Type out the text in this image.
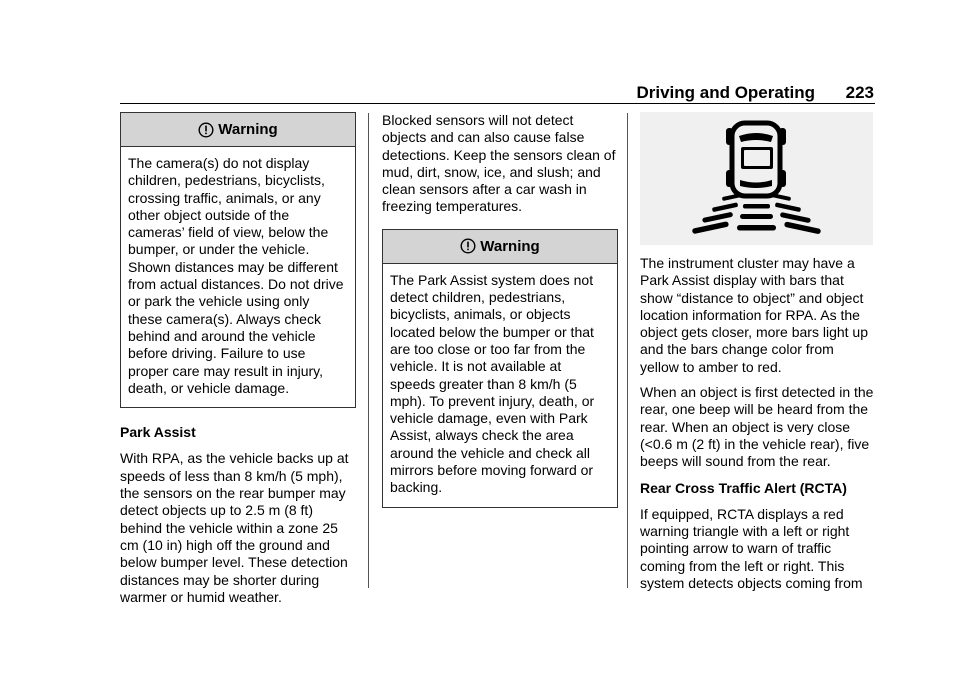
Driving and Operating 223
Warning

The camera(s) do not display children, pedestrians, bicyclists, crossing traffic, animals, or any other object outside of the cameras’ field of view, below the bumper, or under the vehicle. Shown distances may be different from actual distances. Do not drive or park the vehicle using only these camera(s). Always check behind and around the vehicle before driving. Failure to use proper care may result in injury, death, or vehicle damage.

Park Assist

With RPA, as the vehicle backs up at speeds of less than 8 km/h (5 mph), the sensors on the rear bumper may detect objects up to 2.5 m (8 ft) behind the vehicle within a zone 25 cm (10 in) high off the ground and below bumper level. These detection distances may be shorter during warmer or humid weather.

Blocked sensors will not detect objects and can also cause false detections. Keep the sensors clean of mud, dirt, snow, ice, and slush; and clean sensors after a car wash in freezing temperatures.

Warning

The Park Assist system does not detect children, pedestrians, bicyclists, animals, or objects located below the bumper or that are too close or too far from the vehicle. It is not available at speeds greater than 8 km/h (5 mph). To prevent injury, death, or vehicle damage, even with Park Assist, always check the area around the vehicle and check all mirrors before moving forward or backing.

The instrument cluster may have a Park Assist display with bars that show “distance to object” and object location information for RPA. As the object gets closer, more bars light up and the bars change color from yellow to amber to red.

When an object is first detected in the rear, one beep will be heard from the rear. When an object is very close (<0.6 m (2 ft) in the vehicle rear), five beeps will sound from the rear.

Rear Cross Traffic Alert (RCTA)

If equipped, RCTA displays a red warning triangle with a left or right pointing arrow to warn of traffic coming from the left or right. This system detects objects coming from
